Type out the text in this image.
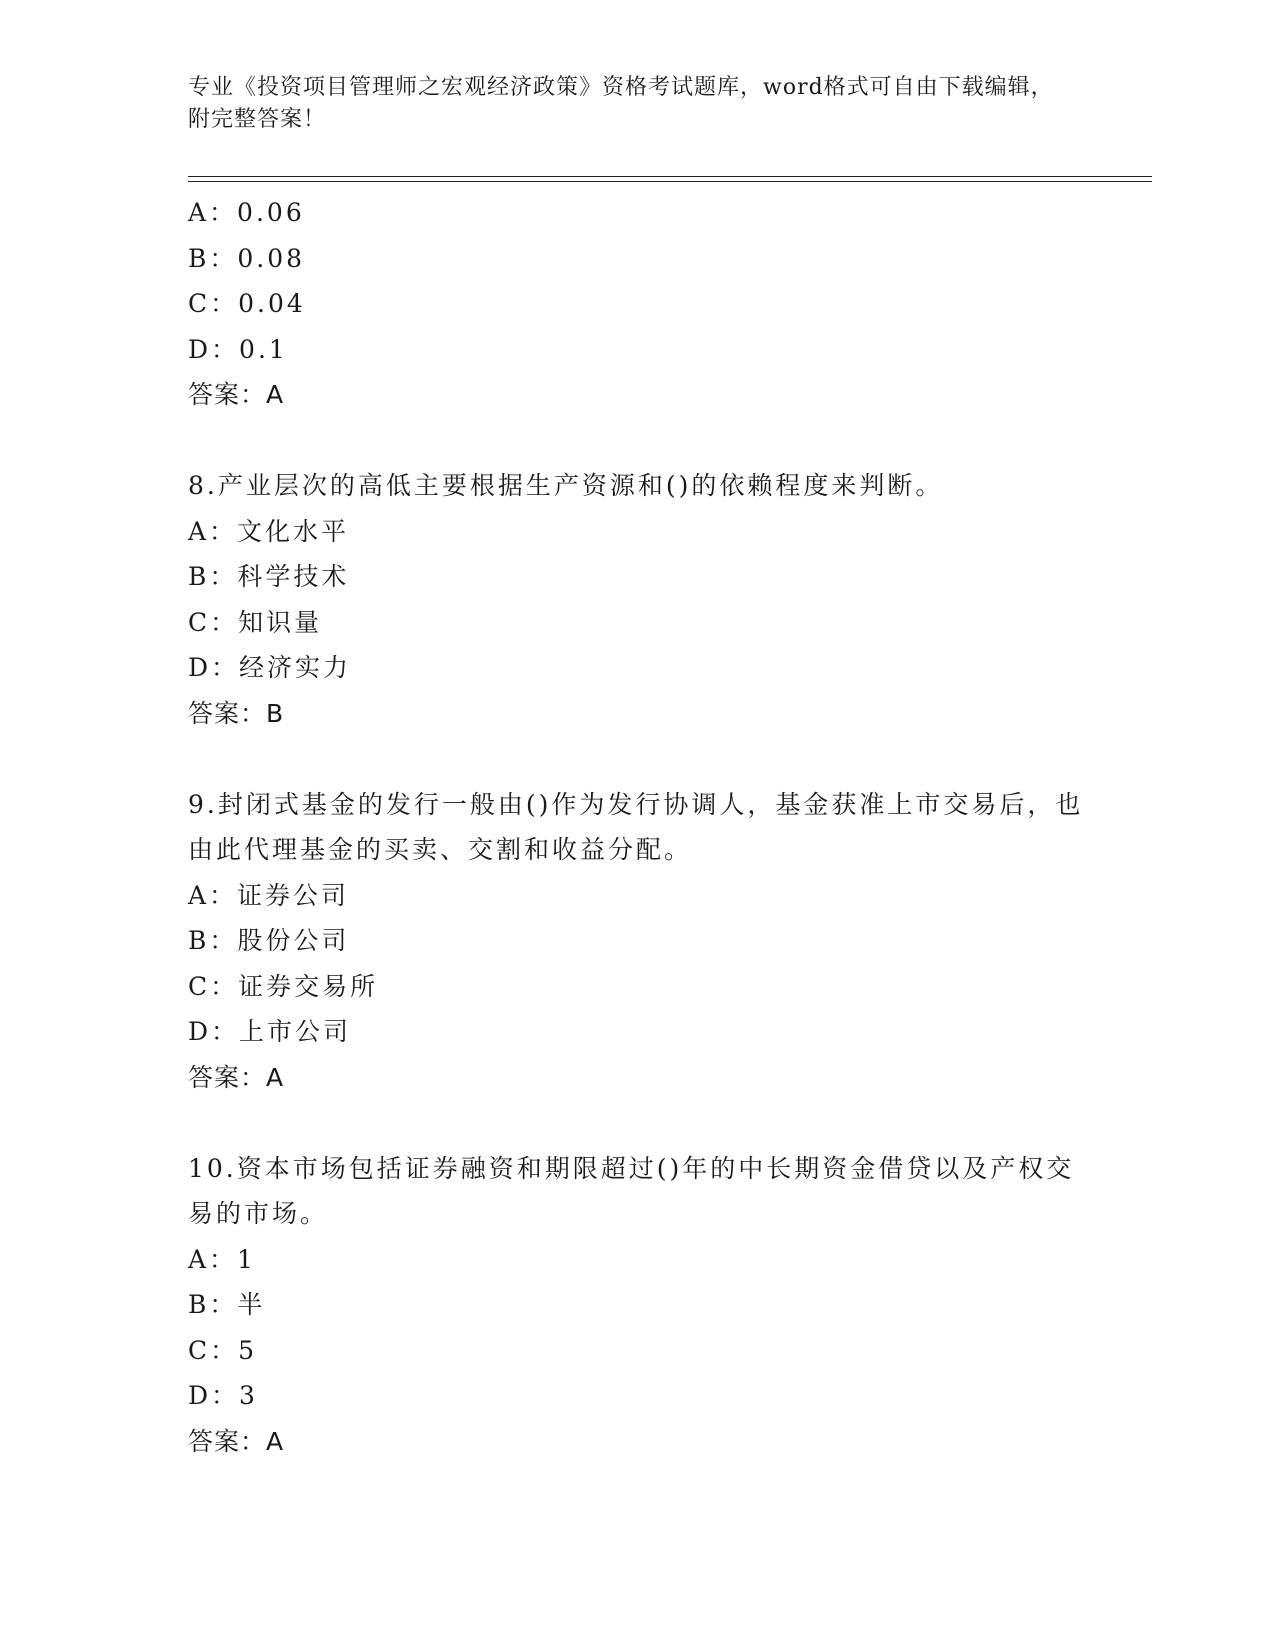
专业《投资项目管理师之宏观经济政策》资格考试题库，word格式可自由下载编辑，附完整答案！

A：0.06

B：0.08

C：0.04

D：0.1

答案：A

8.产业层次的高低主要根据生产资源和()的依赖程度来判断。

A：文化水平

B：科学技术

C：知识量

D：经济实力

答案：B

9.封闭式基金的发行一般由()作为发行协调人，基金获准上市交易后，也由此代理基金的买卖、交割和收益分配。

A：证券公司

B：股份公司

C：证券交易所

D：上市公司

答案：A

10.资本市场包括证券融资和期限超过()年的中长期资金借贷以及产权交易的市场。

A：1

B：半

C：5

D：3

答案：A
